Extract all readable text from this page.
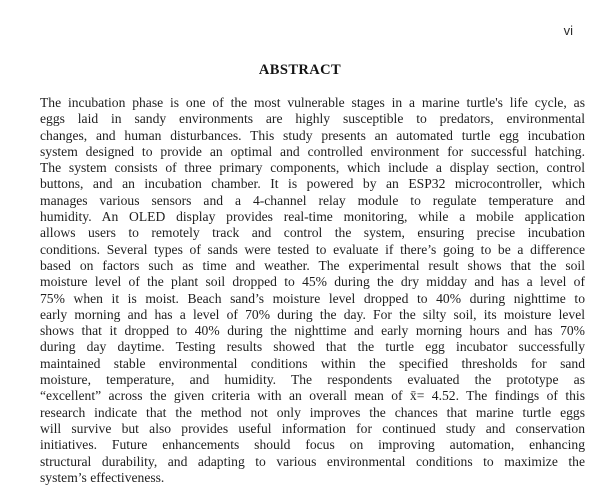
vi
ABSTRACT
The incubation phase is one of the most vulnerable stages in a marine turtle's life cycle, as
eggs laid in sandy environments are highly susceptible to predators, environmental
changes, and human disturbances. This study presents an automated turtle egg incubation
system designed to provide an optimal and controlled environment for successful hatching.
The system consists of three primary components, which include a display section, control
buttons, and an incubation chamber. It is powered by an ESP32 microcontroller, which
manages various sensors and a 4-channel relay module to regulate temperature and
humidity. An OLED display provides real-time monitoring, while a mobile application
allows users to remotely track and control the system, ensuring precise incubation
conditions. Several types of sands were tested to evaluate if there’s going to be a difference
based on factors such as time and weather. The experimental result shows that the soil
moisture level of the plant soil dropped to 45% during the dry midday and has a level of
75% when it is moist. Beach sand’s moisture level dropped to 40% during nighttime to
early morning and has a level of 70% during the day. For the silty soil, its moisture level
shows that it dropped to 40% during the nighttime and early morning hours and has 70%
during day daytime. Testing results showed that the turtle egg incubator successfully
maintained stable environmental conditions within the specified thresholds for sand
moisture, temperature, and humidity. The respondents evaluated the prototype as
“excellent” across the given criteria with an overall mean of x̄= 4.52. The findings of this
research indicate that the method not only improves the chances that marine turtle eggs
will survive but also provides useful information for continued study and conservation
initiatives. Future enhancements should focus on improving automation, enhancing
structural durability, and adapting to various environmental conditions to maximize the
system’s effectiveness.
